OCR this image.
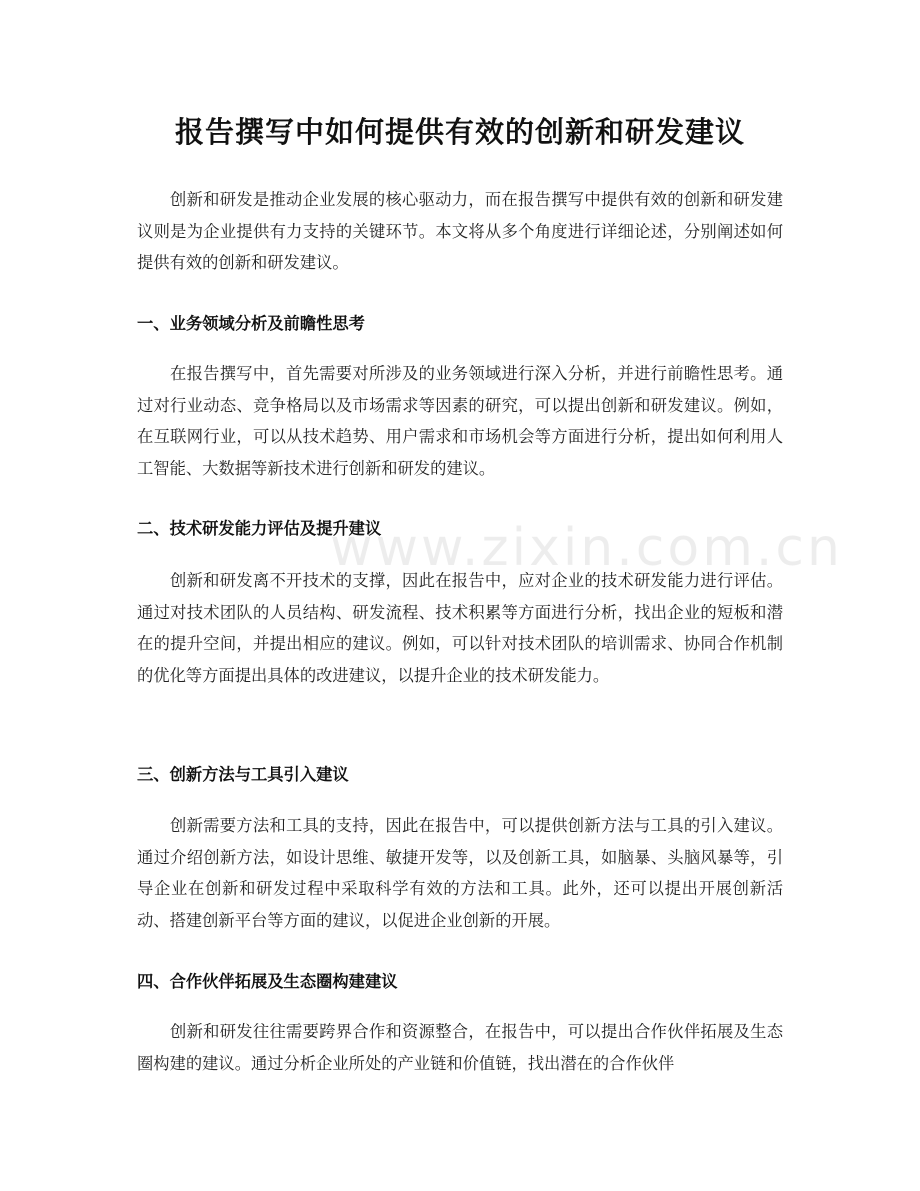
报告撰写中如何提供有效的创新和研发建议
创新和研发是推动企业发展的核心驱动力，而在报告撰写中提供有效的创新和研发建议则是为企业提供有力支持的关键环节。本文将从多个角度进行详细论述，分别阐述如何提供有效的创新和研发建议。
一、业务领域分析及前瞻性思考
在报告撰写中，首先需要对所涉及的业务领域进行深入分析，并进行前瞻性思考。通过对行业动态、竞争格局以及市场需求等因素的研究，可以提出创新和研发建议。例如，在互联网行业，可以从技术趋势、用户需求和市场机会等方面进行分析，提出如何利用人工智能、大数据等新技术进行创新和研发的建议。
二、技术研发能力评估及提升建议
创新和研发离不开技术的支撑，因此在报告中，应对企业的技术研发能力进行评估。通过对技术团队的人员结构、研发流程、技术积累等方面进行分析，找出企业的短板和潜在的提升空间，并提出相应的建议。例如，可以针对技术团队的培训需求、协同合作机制的优化等方面提出具体的改进建议，以提升企业的技术研发能力。
三、创新方法与工具引入建议
创新需要方法和工具的支持，因此在报告中，可以提供创新方法与工具的引入建议。通过介绍创新方法，如设计思维、敏捷开发等，以及创新工具，如脑暴、头脑风暴等，引导企业在创新和研发过程中采取科学有效的方法和工具。此外，还可以提出开展创新活动、搭建创新平台等方面的建议，以促进企业创新的开展。
四、合作伙伴拓展及生态圈构建建议
创新和研发往往需要跨界合作和资源整合，在报告中，可以提出合作伙伴拓展及生态圈构建的建议。通过分析企业所处的产业链和价值链，找出潜在的合作伙伴
www.zixin.com.cn
